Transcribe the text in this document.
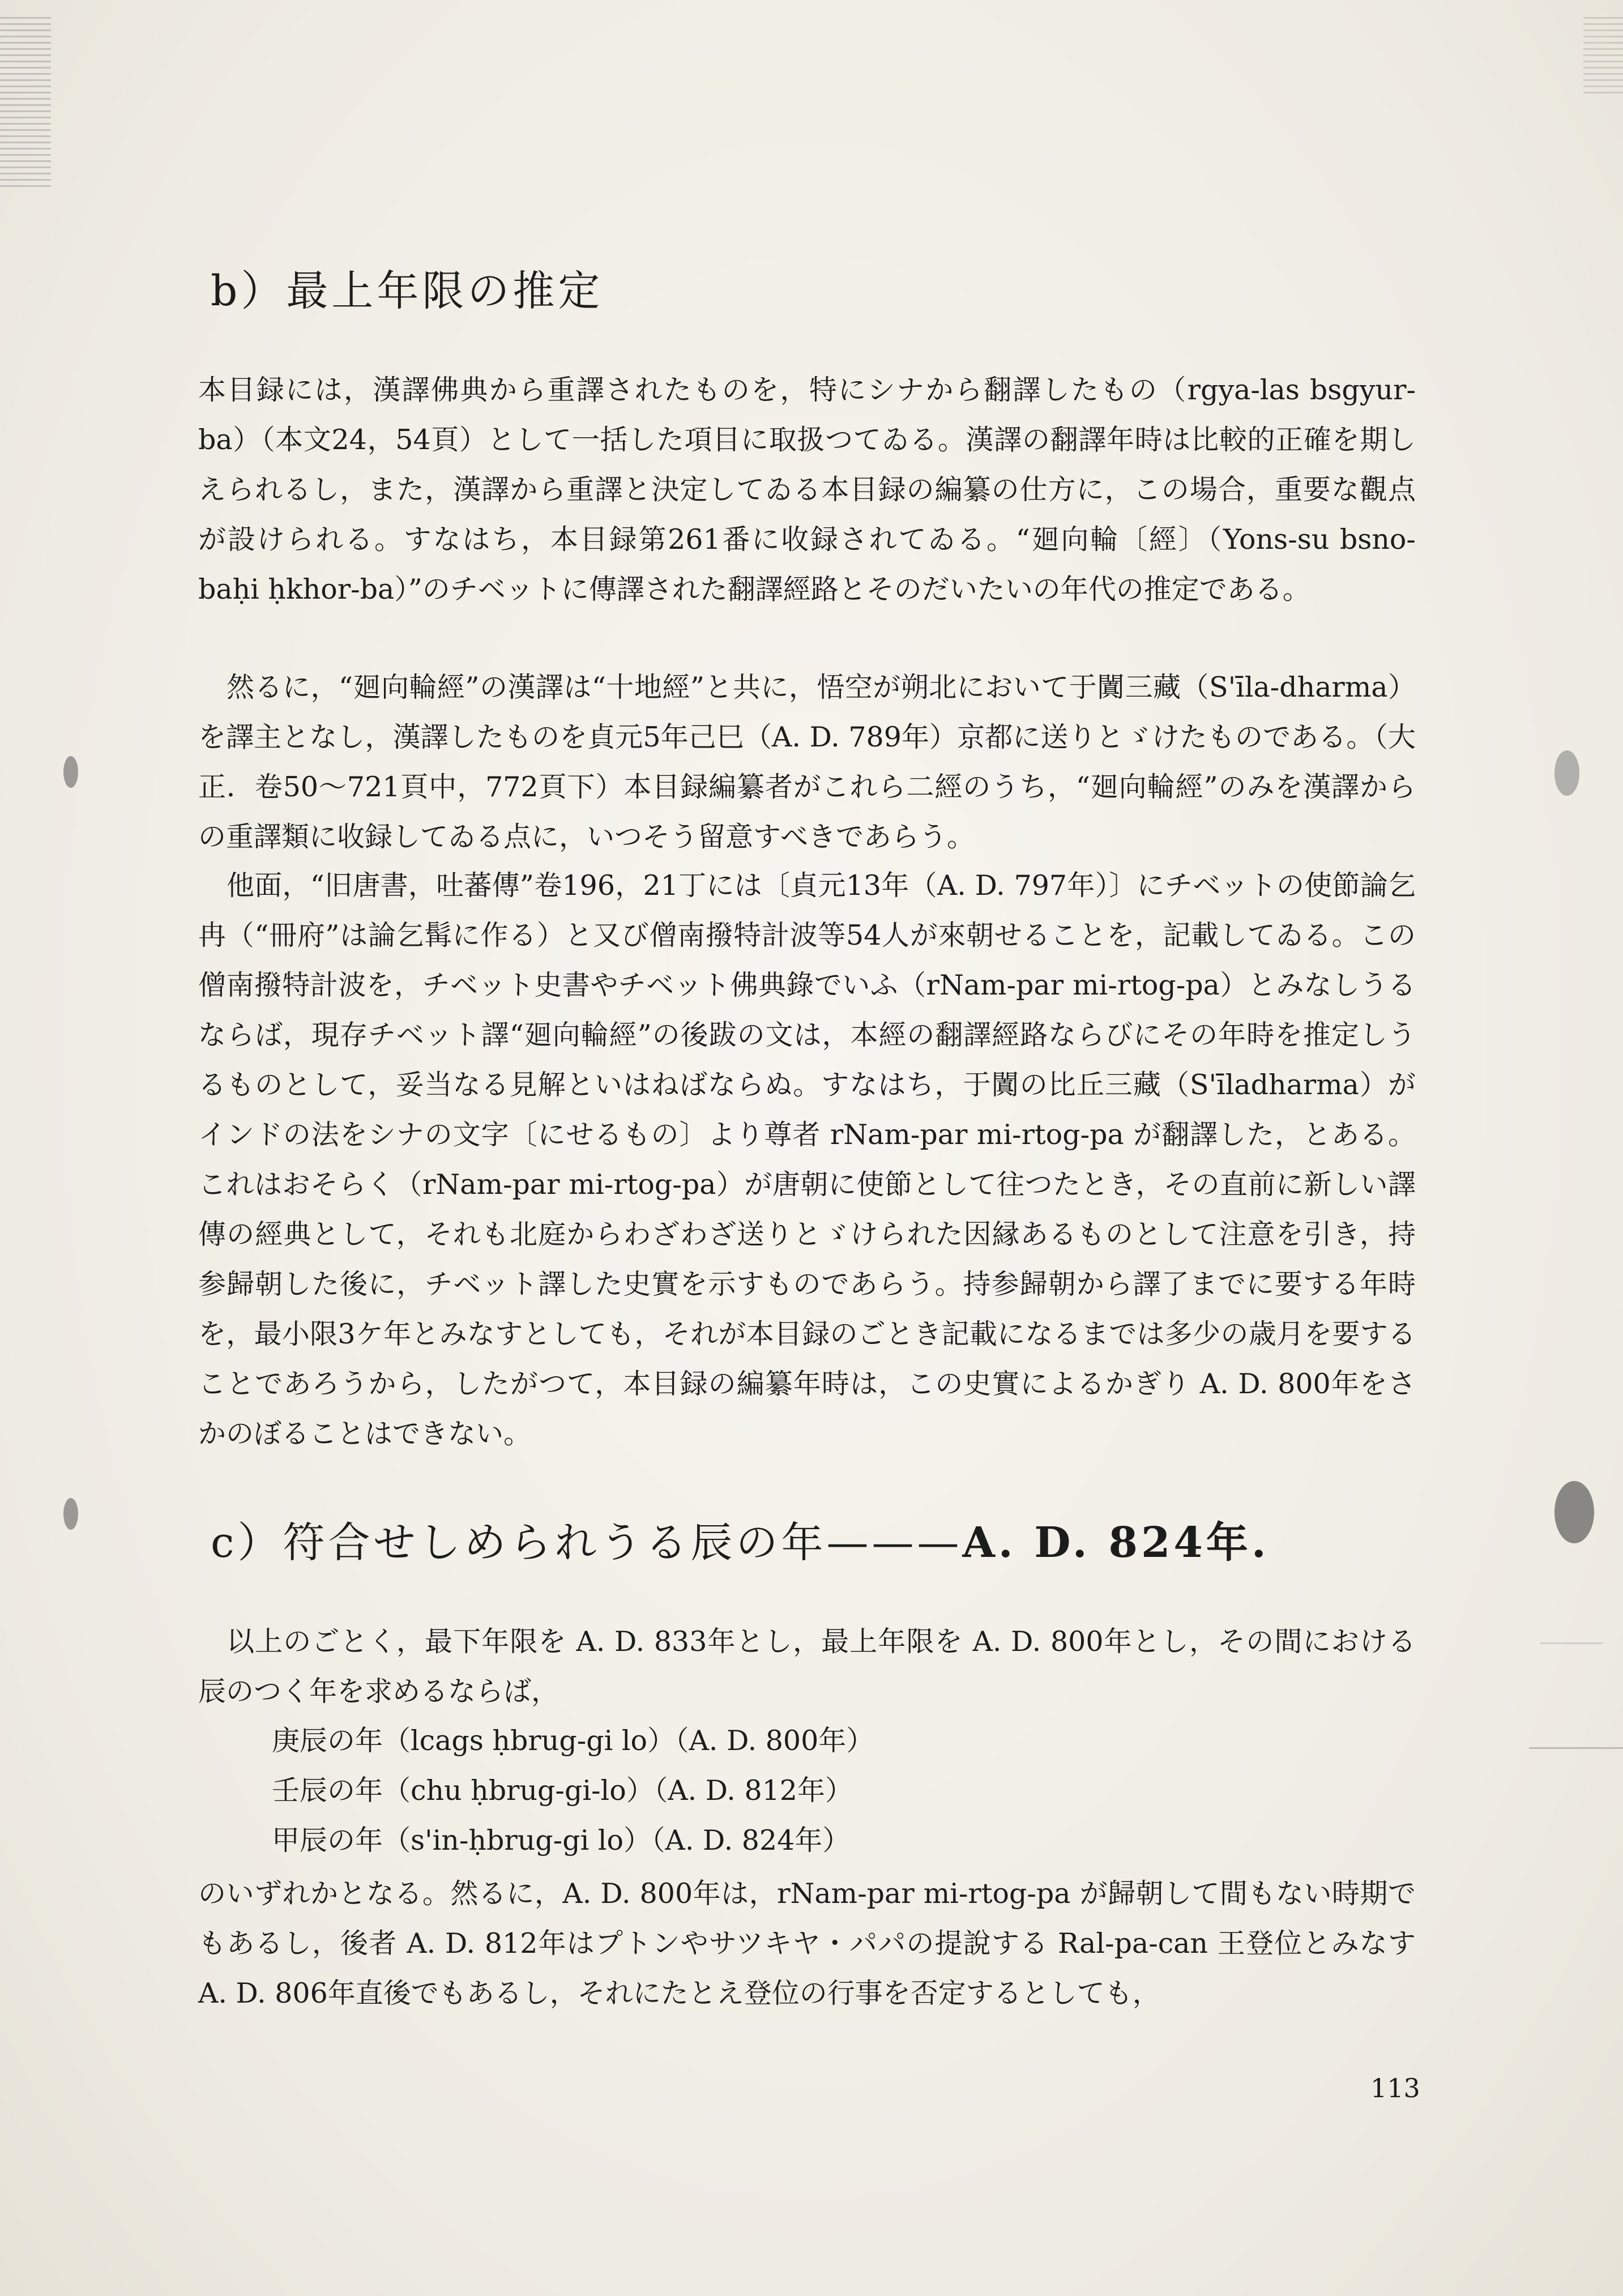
b）最上年限の推定

本目録には，漢譯佛典から重譯されたものを，特にシナから翻譯したもの（rgya-las bsgyur-ba）（本文24，54頁）として一括した項目に取扱つてゐる。漢譯の翻譯年時は比較的正確を期しえられるし，また，漢譯から重譯と決定してゐる本目録の編纂の仕方に，この場合，重要な觀点が設けられる。すなはち，本目録第261番に收録されてゐる。“廻向輪〔經〕（Yons-su bsno-baḥi ḥkhor-ba）”のチベットに傳譯された翻譯經路とそのだいたいの年代の推定である。

然るに，“廻向輪經”の漢譯は“十地經”と共に，悟空が朔北において于闐三藏（S'īla-dharma）を譯主となし，漢譯したものを貞元5年己巳（A. D. 789年）京都に送りとゞけたものである。（大正．卷50～721頁中，772頁下）本目録編纂者がこれら二經のうち，“廻向輪經”のみを漢譯からの重譯類に收録してゐる点に，いつそう留意すべきであらう。

他面，“旧唐書，吐蕃傳”卷196，21丁には〔貞元13年（A. D. 797年）〕にチベットの使節論乞冉（“冊府”は論乞髯に作る）と又び僧南撥特計波等54人が來朝せることを，記載してゐる。この僧南撥特計波を，チベット史書やチベット佛典錄でいふ（rNam-par mi-rtog-pa）とみなしうるならば，現存チベット譯“廻向輪經”の後跋の文は，本經の翻譯經路ならびにその年時を推定しうるものとして，妥当なる見解といはねばならぬ。すなはち，于闐の比丘三藏（S'īladharma）がインドの法をシナの文字〔にせるもの〕より尊者 rNam-par mi-rtog-pa が翻譯した，とある。これはおそらく（rNam-par mi-rtog-pa）が唐朝に使節として往つたとき，その直前に新しい譯傳の經典として，それも北庭からわざわざ送りとゞけられた因縁あるものとして注意を引き，持参歸朝した後に，チベット譯した史實を示すものであらう。持参歸朝から譯了までに要する年時を，最小限3ケ年とみなすとしても，それが本目録のごとき記載になるまでは多少の歳月を要することであろうから，したがつて，本目録の編纂年時は，この史實によるかぎり A. D. 800年をさかのぼることはできない。

c）符合せしめられうる辰の年———A. D. 824年.

以上のごとく，最下年限を A. D. 833年とし，最上年限を A. D. 800年とし，その間における辰のつく年を求めるならば，

庚辰の年（lcags ḥbrug-gi lo）（A. D. 800年）
壬辰の年（chu ḥbrug-gi-lo）（A. D. 812年）
甲辰の年（s'in-ḥbrug-gi lo）（A. D. 824年）

のいずれかとなる。然るに，A. D. 800年は，rNam-par mi-rtog-pa が歸朝して間もない時期でもあるし，後者 A. D. 812年はプトンやサツキヤ・パパの提說する Ral-pa-can 王登位とみなす A. D. 806年直後でもあるし，それにたとえ登位の行事を否定するとしても，

113
